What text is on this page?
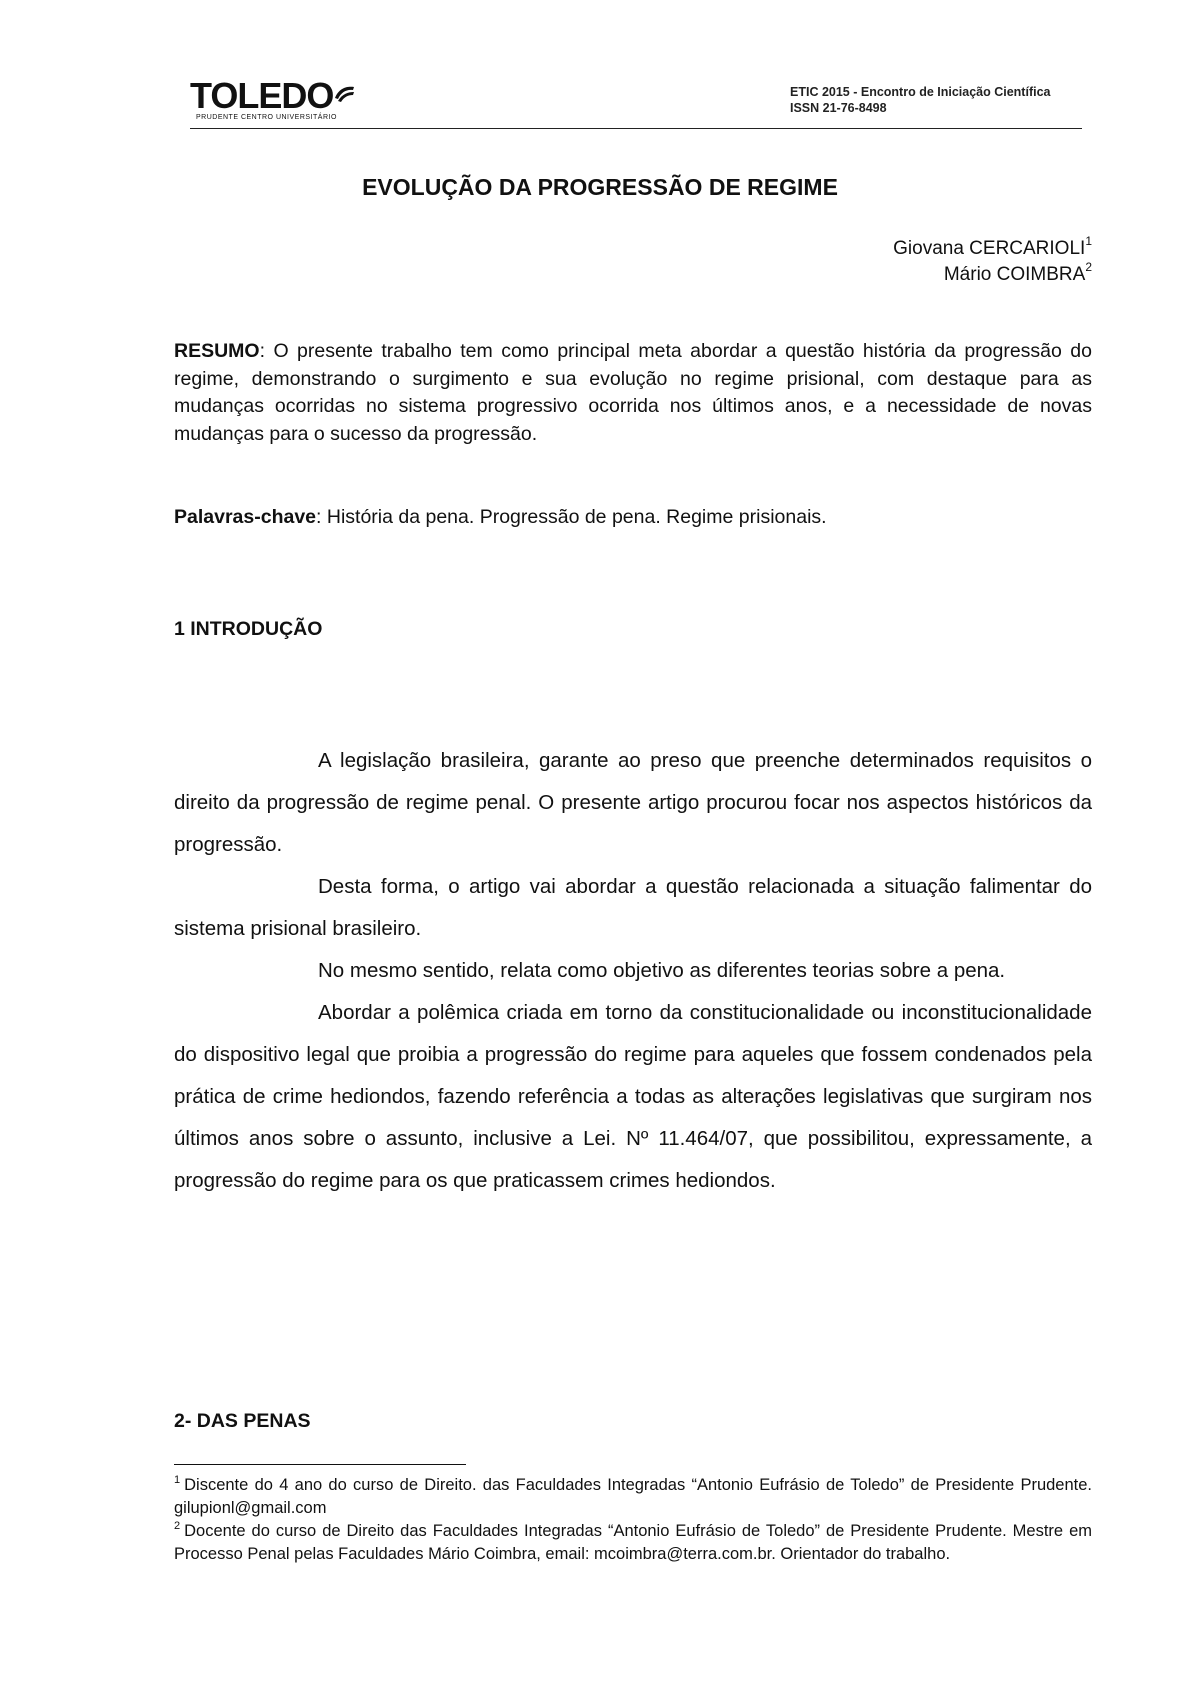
TOLEDO
PRUDENTE CENTRO UNIVERSITÁRIO
ETIC 2015 - Encontro de Iniciação Científica
ISSN 21-76-8498
EVOLUÇÃO DA PROGRESSÃO DE REGIME
Giovana CERCARIOLI$^1$
Mário COIMBRA$^2$
RESUMO: O presente trabalho tem como principal meta abordar a questão história da progressão do regime, demonstrando o surgimento e sua evolução no regime prisional, com destaque para as mudanças ocorridas no sistema progressivo ocorrida nos últimos anos, e a necessidade de novas mudanças para o sucesso da progressão.
Palavras-chave: História da pena. Progressão de pena. Regime prisionais.
1 INTRODUÇÃO

A legislação brasileira, garante ao preso que preenche determinados requisitos o direito da progressão de regime penal. O presente artigo procurou focar nos aspectos históricos da progressão.

Desta forma, o artigo vai abordar a questão relacionada a situação falimentar do sistema prisional brasileiro.

No mesmo sentido, relata como objetivo as diferentes teorias sobre a pena.

Abordar a polêmica criada em torno da constitucionalidade ou inconstitucionalidade do dispositivo legal que proibia a progressão do regime para aqueles que fossem condenados pela prática de crime hediondos, fazendo referência a todas as alterações legislativas que surgiram nos últimos anos sobre o assunto, inclusive a Lei. Nº 11.464/07, que possibilitou, expressamente, a progressão do regime para os que praticassem crimes hediondos.

2- DAS PENAS

$^1$ Discente do 4 ano do curso de Direito. das Faculdades Integradas “Antonio Eufrásio de Toledo” de Presidente Prudente. gilupionl@gmail.com

$^2$ Docente do curso de Direito das Faculdades Integradas “Antonio Eufrásio de Toledo” de Presidente Prudente. Mestre em Processo Penal pelas Faculdades Mário Coimbra, email: mcoimbra@terra.com.br. Orientador do trabalho.
